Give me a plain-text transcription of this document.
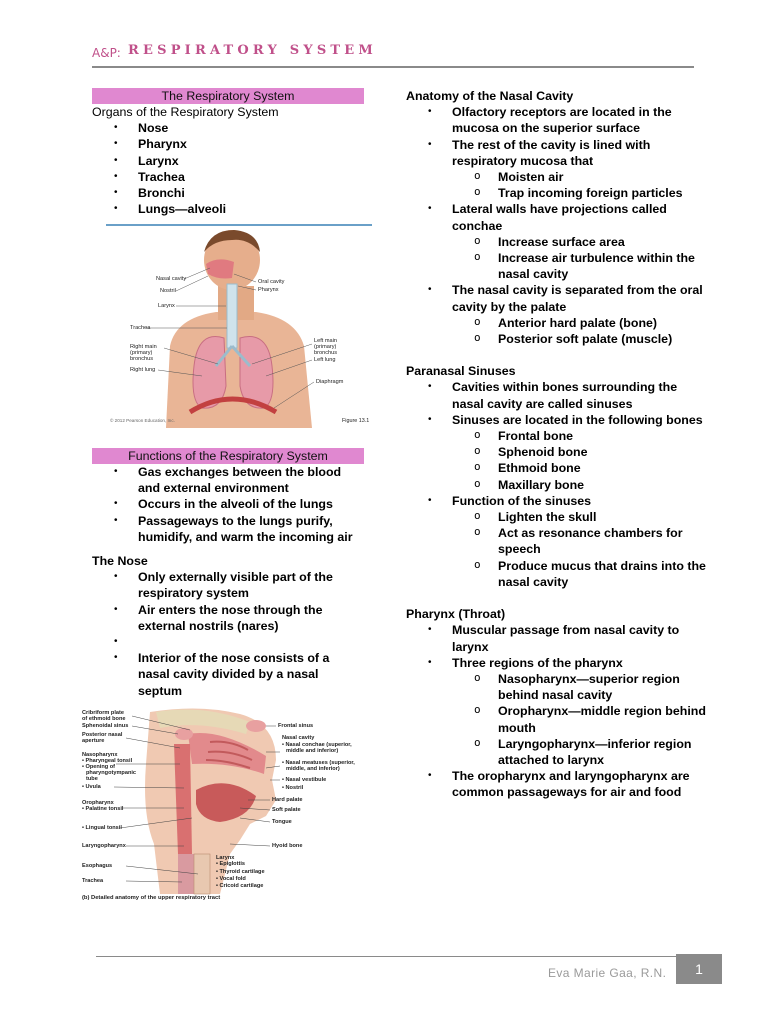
A&P: RESPIRATORY SYSTEM
The Respiratory System
Organs of the Respiratory System
• Nose
• Pharynx
• Larynx
• Trachea
• Bronchi
• Lungs—alveoli
Functions of the Respiratory System
• Gas exchanges between the blood and external environment
• Occurs in the alveoli of the lungs
• Passageways to the lungs purify, humidify, and warm the incoming air
The Nose
• Only externally visible part of the respiratory system
• Air enters the nose through the external nostrils (nares)
•
• Interior of the nose consists of a nasal cavity divided by a nasal septum
Nasal cavity
Nostril
Larynx
Trachea
Right main
(primary)
bronchus
Right lung
Oral cavity
Pharynx
Left main
(primary)
bronchus
Left lung
Diaphragm
© 2012 Pearson Education, Inc.	Figure 13.1
Cribriform plate
of ethmoid bone
Sphenoidal sinus
Posterior nasal
aperture
Nasopharynx
• Pharyngeal tonsil
• Opening of
pharyngotympanic
tube
• Uvula
Oropharynx
• Palatine tonsil
• Lingual tonsil
Laryngopharynx
Esophagus
Trachea
Frontal sinus
Nasal cavity
• Nasal conchae (superior,
middle and inferior)
• Nasal meatuses (superior,
middle, and inferior)
• Nasal vestibule
• Nostril
Hard palate
Soft palate
Tongue
Hyoid bone
Larynx
• Epiglottis
• Thyroid cartilage
• Vocal fold
• Cricoid cartilage
(b) Detailed anatomy of the upper respiratory tract
Anatomy of the Nasal Cavity
• Olfactory receptors are located in the mucosa on the superior surface
• The rest of the cavity is lined with respiratory mucosa that
o Moisten air
o Trap incoming foreign particles
• Lateral walls have projections called conchae
o Increase surface area
o Increase air turbulence within the nasal cavity
• The nasal cavity is separated from the oral cavity by the palate
o Anterior hard palate (bone)
o Posterior soft palate (muscle)
Paranasal Sinuses
• Cavities within bones surrounding the nasal cavity are called sinuses
• Sinuses are located in the following bones
o Frontal bone
o Sphenoid bone
o Ethmoid bone
o Maxillary bone
• Function of the sinuses
o Lighten the skull
o Act as resonance chambers for speech
o Produce mucus that drains into the nasal cavity
Pharynx (Throat)
• Muscular passage from nasal cavity to larynx
• Three regions of the pharynx
o Nasopharynx—superior region behind nasal cavity
o Oropharynx—middle region behind mouth
o Laryngopharynx—inferior region attached to larynx
• The oropharynx and laryngopharynx are common passageways for air and food
Eva Marie Gaa, R.N.	1
